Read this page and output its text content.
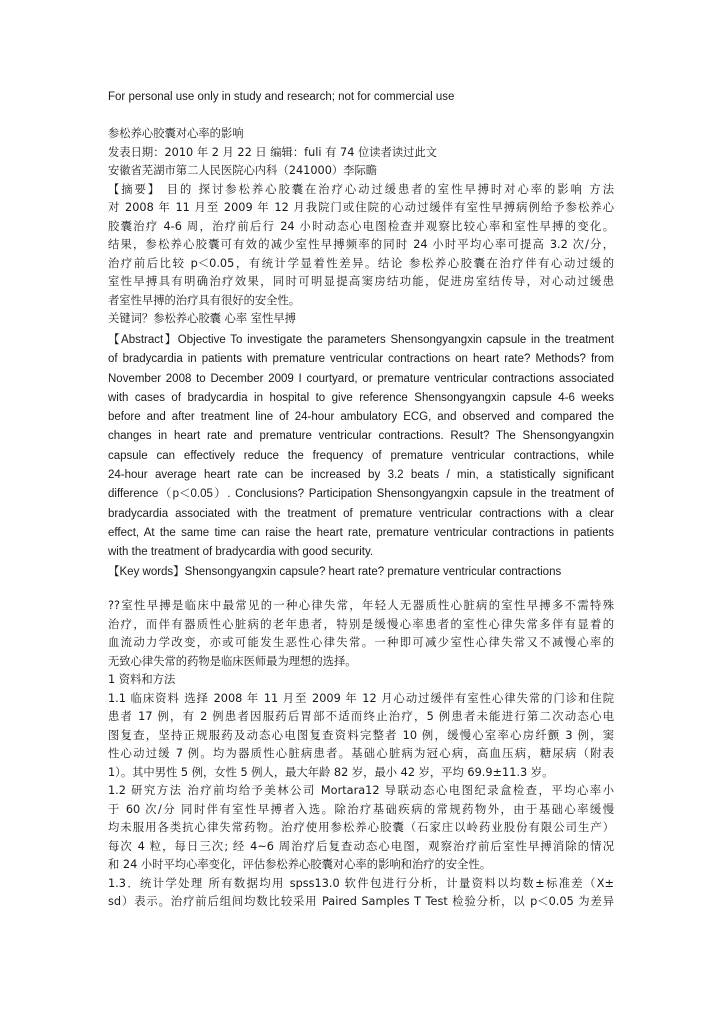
For personal use only in study and research; not for commercial use
参松养心胶囊对心率的影响
发表日期：2010 年 2 月 22 日 编辑：fuli 有 74 位读者读过此文
安徽省芜湖市第二人民医院心内科（241000）李际瞻
【摘要】 目的 探讨参松养心胶囊在治疗心动过缓患者的室性早搏时对心率的影响 方法
对 2008 年 11 月至 2009 年 12 月我院门或住院的心动过缓伴有室性早搏病例给予参松养心
胶囊治疗 4-6 周，治疗前后行 24 小时动态心电图检查并观察比较心率和室性早搏的变化。
结果，参松养心胶囊可有效的减少室性早搏频率的同时 24 小时平均心率可提高 3.2 次/分，
治疗前后比较 p＜0.05，有统计学显着性差异。结论 参松养心胶囊在治疗伴有心动过缓的
室性早搏具有明确治疗效果，同时可明显提高窦房结功能，促进房室结传导，对心动过缓患
者室性早搏的治疗具有很好的安全性。
关键词？参松养心胶囊 心率 室性早搏
【Abstract】Objective To investigate the parameters Shensongyangxin capsule in the treatment
of bradycardia in patients with premature ventricular contractions on heart rate? Methods? from
November 2008 to December 2009 I courtyard, or premature ventricular contractions associated
with cases of bradycardia in hospital to give reference Shensongyangxin capsule 4-6 weeks
before and after treatment line of 24-hour ambulatory ECG, and observed and compared the
changes in heart rate and premature ventricular contractions. Result? The Shensongyangxin
capsule can effectively reduce the frequency of premature ventricular contractions, while
24-hour average heart rate can be increased by 3.2 beats / min, a statistically significant
difference（p＜0.05）. Conclusions? Participation Shensongyangxin capsule in the treatment of
bradycardia associated with the treatment of premature ventricular contractions with a clear
effect, At the same time can raise the heart rate, premature ventricular contractions in patients
with the treatment of bradycardia with good security.
【Key words】Shensongyangxin capsule? heart rate? premature ventricular contractions
??室性早搏是临床中最常见的一种心律失常，年轻人无器质性心脏病的室性早搏多不需特殊
治疗，而伴有器质性心脏病的老年患者，特别是缓慢心率患者的室性心律失常多伴有显着的
血流动力学改变，亦或可能发生恶性心律失常。一种即可减少室性心律失常又不减慢心率的
无致心律失常的药物是临床医师最为理想的选择。
1 资料和方法
1.1 临床资料 选择 2008 年 11 月至 2009 年 12 月心动过缓伴有室性心律失常的门诊和住院
患者 17 例，有 2 例患者因服药后胃部不适而终止治疗，5 例患者未能进行第二次动态心电
图复查，坚持正规服药及动态心电图复查资料完整者 10 例，缓慢心室率心房纤颤 3 例，窦
性心动过缓 7 例。均为器质性心脏病患者。基础心脏病为冠心病，高血压病，糖尿病（附表
1）。其中男性 5 例，女性 5 例人，最大年龄 82 岁，最小 42 岁，平均 69.9±11.3 岁。
1.2 研究方法 治疗前均给予美林公司 Mortara12 导联动态心电图纪录盒检查，平均心率小
于 60 次/分 同时伴有室性早搏者入选。除治疗基础疾病的常规药物外，由于基础心率缓慢
均未服用各类抗心律失常药物。治疗使用参松养心胶囊（石家庄以岭药业股份有限公司生产）
每次 4 粒，每日三次; 经 4~6 周治疗后复查动态心电图，观察治疗前后室性早搏消除的情况
和 24 小时平均心率变化，评估参松养心胶囊对心率的影响和治疗的安全性。
1.3．统计学处理 所有数据均用 spss13.0 软件包进行分析，计量资料以均数±标准差（X±
sd）表示。治疗前后组间均数比较采用 Paired Samples T Test 检验分析，以 p＜0.05 为差异
